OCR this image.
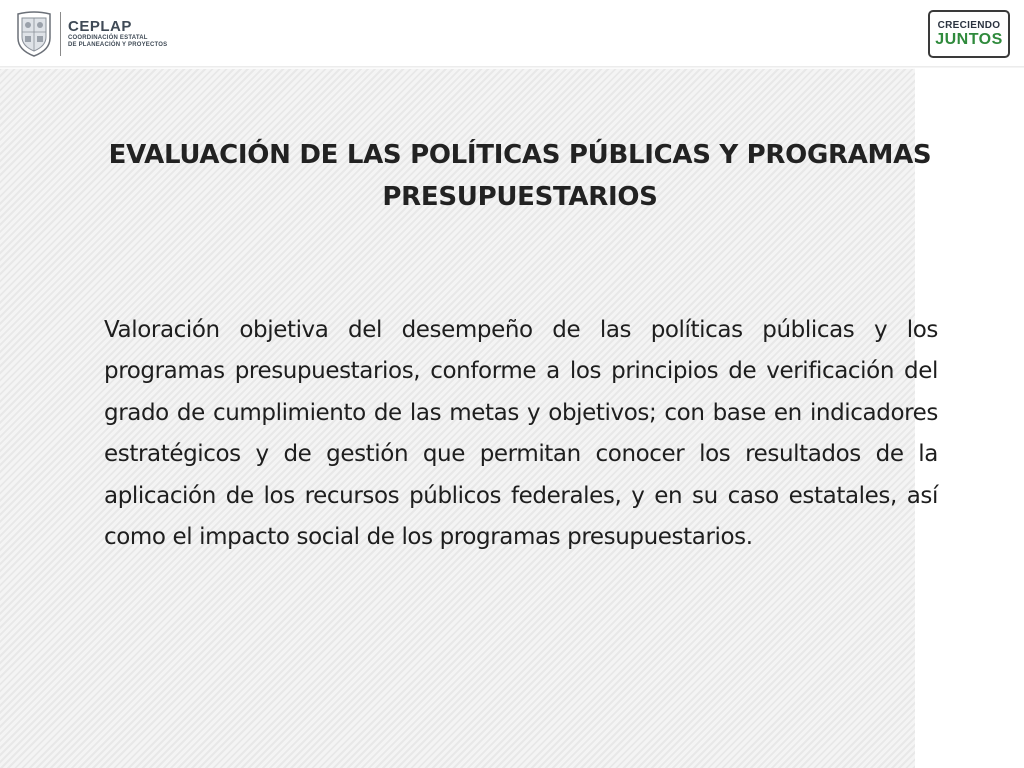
CEPLAP
COORDINACIÓN ESTATAL
DE PLANEACIÓN Y PROYECTOS
CRECIENDO
JUNTOS
EVALUACIÓN DE LAS POLÍTICAS PÚBLICAS Y PROGRAMAS PRESUPUESTARIOS
Valoración objetiva del desempeño de las políticas públicas y los programas presupuestarios, conforme a los principios de verificación del grado de cumplimiento de las metas y objetivos; con base en indicadores estratégicos y de gestión que permitan conocer los resultados de la aplicación de los recursos públicos federales, y en su caso estatales, así como el impacto social de los programas presupuestarios.
